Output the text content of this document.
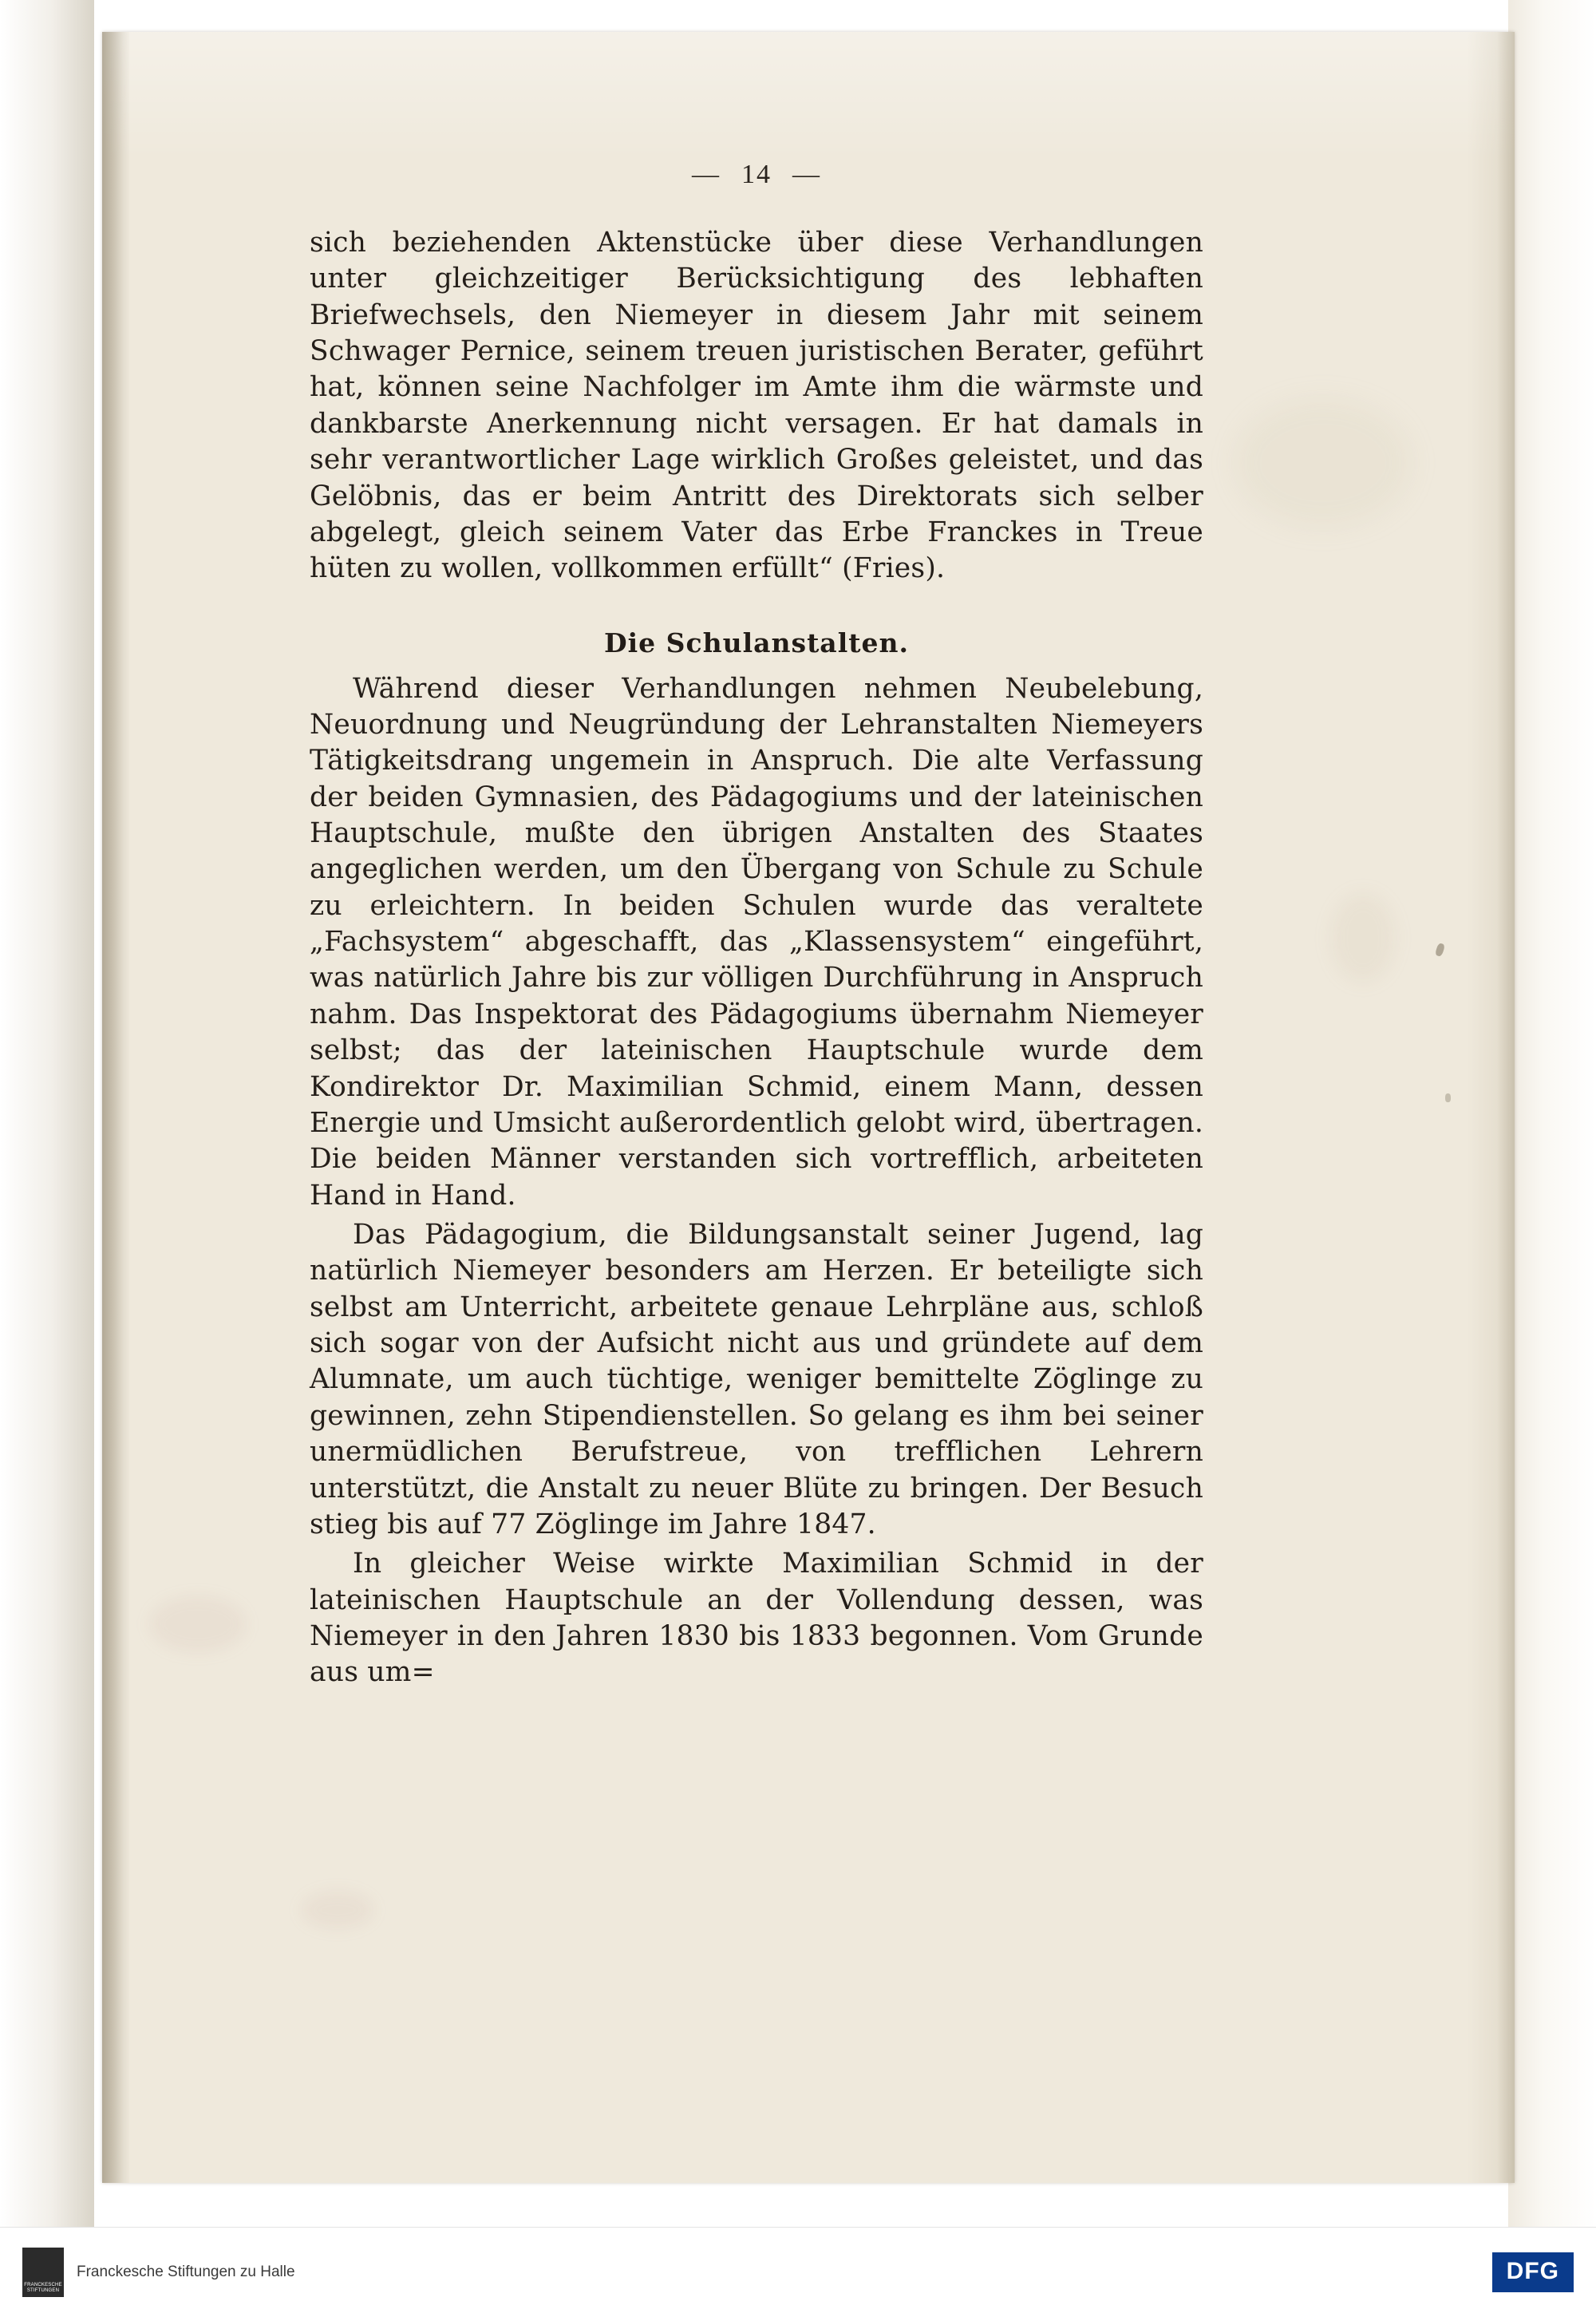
— 14 —

sich beziehenden Aktenstücke über diese Verhandlungen unter gleichzeitiger Berücksichtigung des lebhaften Briefwechsels, den Niemeyer in diesem Jahr mit seinem Schwager Pernice, seinem treuen juristischen Berater, geführt hat, können seine Nachfolger im Amte ihm die wärmste und dankbarste Anerkennung nicht versagen. Er hat damals in sehr verantwortlicher Lage wirklich Großes geleistet, und das Gelöbnis, das er beim Antritt des Direktorats sich selber abgelegt, gleich seinem Vater das Erbe Franckes in Treue hüten zu wollen, vollkommen erfüllt“ (Fries).

Die Schulanstalten.

Während dieser Verhandlungen nehmen Neubelebung, Neuordnung und Neugründung der Lehranstalten Niemeyers Tätigkeitsdrang ungemein in Anspruch. Die alte Verfassung der beiden Gymnasien, des Pädagogiums und der lateinischen Hauptschule, mußte den übrigen Anstalten des Staates angeglichen werden, um den Übergang von Schule zu Schule zu erleichtern. In beiden Schulen wurde das veraltete „Fachsystem“ abgeschafft, das „Klassensystem“ eingeführt, was natürlich Jahre bis zur völligen Durchführung in Anspruch nahm. Das Inspektorat des Pädagogiums übernahm Niemeyer selbst; das der lateinischen Hauptschule wurde dem Kondirektor Dr. Maximilian Schmid, einem Mann, dessen Energie und Umsicht außerordentlich gelobt wird, übertragen. Die beiden Männer verstanden sich vortrefflich, arbeiteten Hand in Hand.

Das Pädagogium, die Bildungsanstalt seiner Jugend, lag natürlich Niemeyer besonders am Herzen. Er beteiligte sich selbst am Unterricht, arbeitete genaue Lehrpläne aus, schloß sich sogar von der Aufsicht nicht aus und gründete auf dem Alumnate, um auch tüchtige, weniger bemittelte Zöglinge zu gewinnen, zehn Stipendienstellen. So gelang es ihm bei seiner unermüdlichen Berufstreue, von trefflichen Lehrern unterstützt, die Anstalt zu neuer Blüte zu bringen. Der Besuch stieg bis auf 77 Zöglinge im Jahre 1847.

In gleicher Weise wirkte Maximilian Schmid in der lateinischen Hauptschule an der Vollendung dessen, was Niemeyer in den Jahren 1830 bis 1833 begonnen. Vom Grunde aus um=

FRANCKESCHE STIFTUNGEN
Franckesche Stiftungen zu Halle	DFG
